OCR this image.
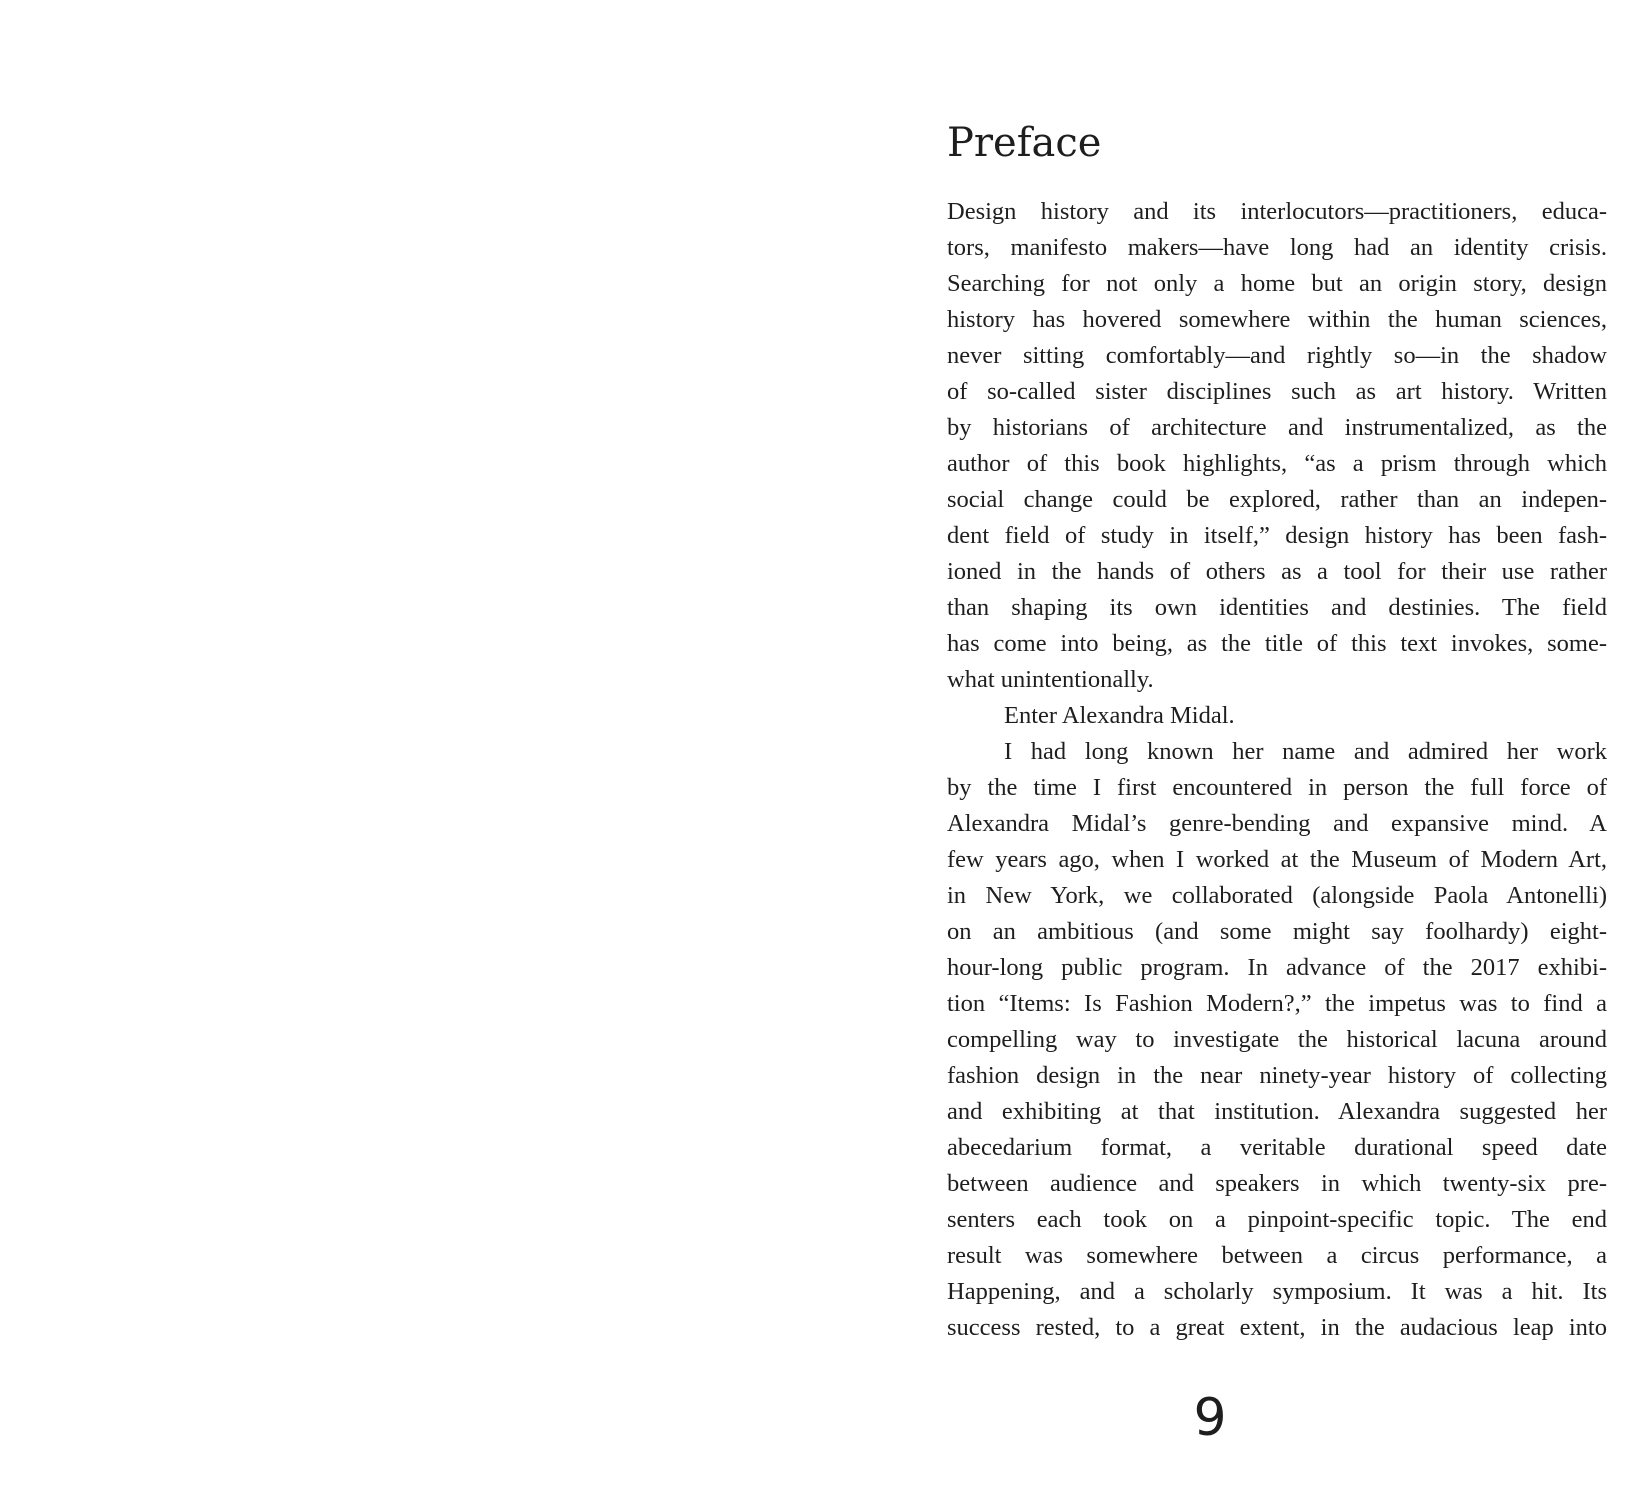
Preface
Design history and its interlocutors—practitioners, educa-
tors, manifesto makers—have long had an identity crisis.
Searching for not only a home but an origin story, design
history has hovered somewhere within the human sciences,
never sitting comfortably—and rightly so—in the shadow
of so-called sister disciplines such as art history. Written
by historians of architecture and instrumentalized, as the
author of this book highlights, “as a prism through which
social change could be explored, rather than an indepen-
dent field of study in itself,” design history has been fash-
ioned in the hands of others as a tool for their use rather
than shaping its own identities and destinies. The field
has come into being, as the title of this text invokes, some-
what unintentionally.
Enter Alexandra Midal.
I had long known her name and admired her work
by the time I first encountered in person the full force of
Alexandra Midal’s genre-bending and expansive mind. A
few years ago, when I worked at the Museum of Modern Art,
in New York, we collaborated (alongside Paola Antonelli)
on an ambitious (and some might say foolhardy) eight-
hour-long public program. In advance of the 2017 exhibi-
tion “Items: Is Fashion Modern?,” the impetus was to find a
compelling way to investigate the historical lacuna around
fashion design in the near ninety-year history of collecting
and exhibiting at that institution. Alexandra suggested her
abecedarium format, a veritable durational speed date
between audience and speakers in which twenty-six pre-
senters each took on a pinpoint-specific topic. The end
result was somewhere between a circus performance, a
Happening, and a scholarly symposium. It was a hit. Its
success rested, to a great extent, in the audacious leap into
9
